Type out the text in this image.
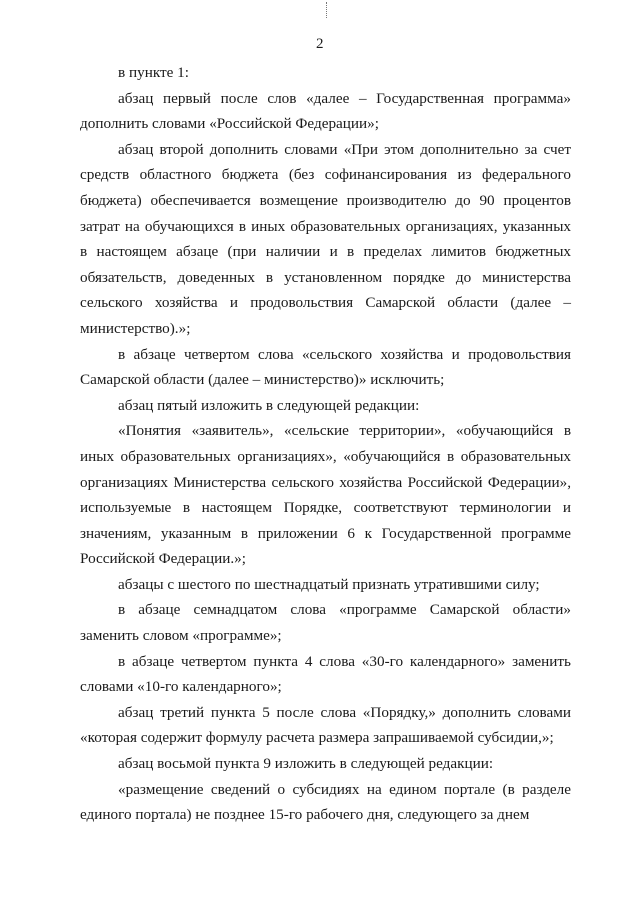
2

в пункте 1:

абзац первый после слов «далее – Государственная программа» дополнить словами «Российской Федерации»;

абзац второй дополнить словами «При этом дополнительно за счет средств областного бюджета (без софинансирования из федерального бюджета) обеспечивается возмещение производителю до 90 процентов затрат на обучающихся в иных образовательных организациях, указанных в настоящем абзаце (при наличии и в пределах лимитов бюджетных обязательств, доведенных в установленном порядке до министерства сельского хозяйства и продовольствия Самарской области (далее – министерство).»;

в абзаце четвертом слова «сельского хозяйства и продовольствия Самарской области (далее – министерство)» исключить;

абзац пятый изложить в следующей редакции:

«Понятия «заявитель», «сельские территории», «обучающийся в иных образовательных организациях», «обучающийся в образовательных организациях Министерства сельского хозяйства Российской Федерации», используемые в настоящем Порядке, соответствуют терминологии и значениям, указанным в приложении 6 к Государственной программе Российской Федерации.»;

абзацы с шестого по шестнадцатый признать утратившими силу;

в абзаце семнадцатом слова «программе Самарской области» заменить словом «программе»;

в абзаце четвертом пункта 4 слова «30-го календарного» заменить словами «10-го календарного»;

абзац третий пункта 5 после слова «Порядку,» дополнить словами «которая содержит формулу расчета размера запрашиваемой субсидии,»;

абзац восьмой пункта 9 изложить в следующей редакции:

«размещение сведений о субсидиях на едином портале (в разделе единого портала) не позднее 15-го рабочего дня, следующего за днем
